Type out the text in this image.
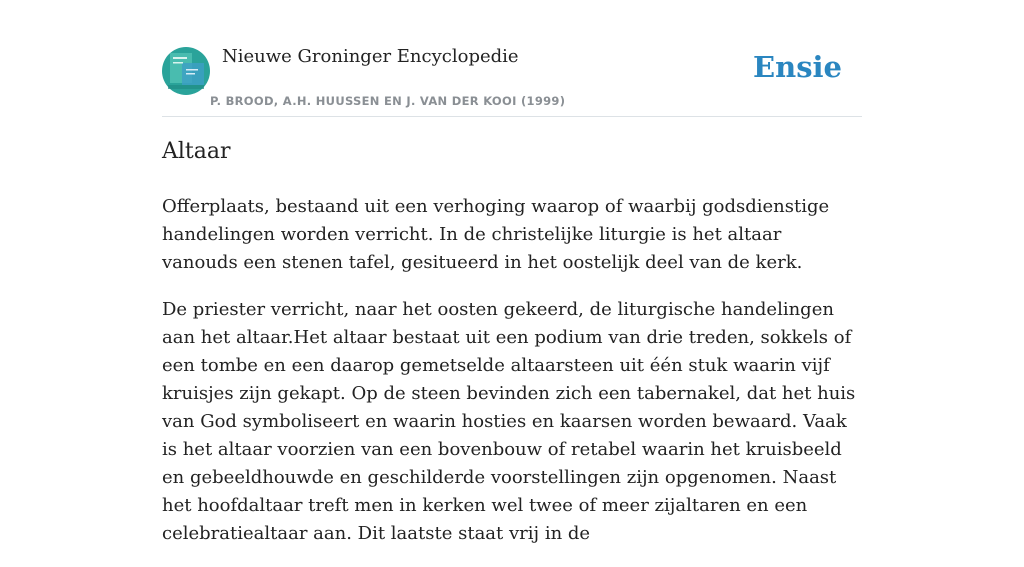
Nieuwe Groninger Encyclopedie
P. BROOD, A.H. HUUSSEN EN J. VAN DER KOOI (1999)
Ensie
Altaar

Offerplaats, bestaand uit een verhoging waarop of waarbij godsdienstige handelingen worden verricht. In de christelijke liturgie is het altaar vanouds een stenen tafel, gesitueerd in het oostelijk deel van de kerk.

De priester verricht, naar het oosten gekeerd, de liturgische handelingen aan het altaar.Het altaar bestaat uit een podium van drie treden, sokkels of een tombe en een daarop gemetselde altaarsteen uit één stuk waarin vijf kruisjes zijn gekapt. Op de steen bevinden zich een tabernakel, dat het huis van God symboliseert en waarin hosties en kaarsen worden bewaard. Vaak is het altaar voorzien van een bovenbouw of retabel waarin het kruisbeeld en gebeeldhouwde en geschilderde voorstellingen zijn opgenomen. Naast het hoofdaltaar treft men in kerken wel twee of meer zijaltaren en een celebratiealtaar aan. Dit laatste staat vrij in de
